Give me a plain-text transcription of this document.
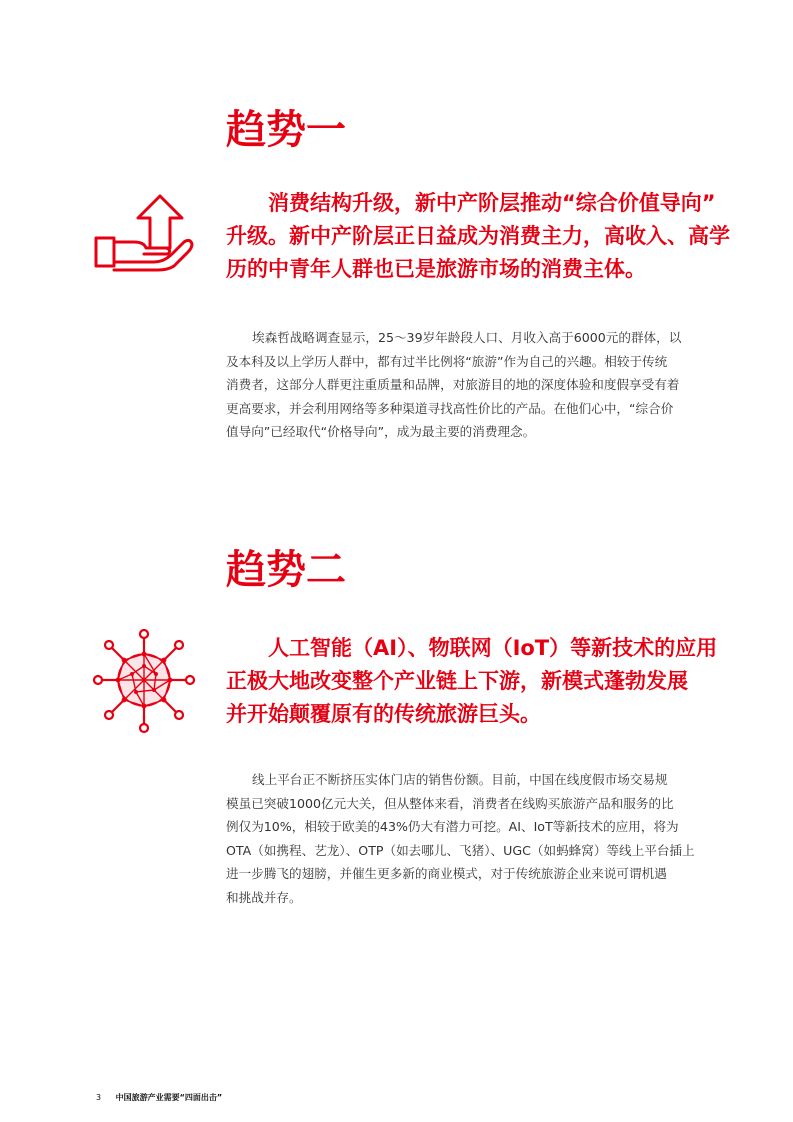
趋势一

消费结构升级，新中产阶层推动“综合价值导向”

升级。新中产阶层正日益成为消费主力，高收入、高学

历的中青年人群也已是旅游市场的消费主体。

埃森哲战略调查显示，25～39岁年龄段人口、月收入高于6000元的群体，以

及本科及以上学历人群中，都有过半比例将“旅游”作为自己的兴趣。相较于传统

消费者，这部分人群更注重质量和品牌，对旅游目的地的深度体验和度假享受有着

更高要求，并会利用网络等多种渠道寻找高性价比的产品。在他们心中，“综合价

值导向”已经取代“价格导向”，成为最主要的消费理念。

趋势二

人工智能（AI）、物联网（IoT）等新技术的应用

正极大地改变整个产业链上下游，新模式蓬勃发展

并开始颠覆原有的传统旅游巨头。

线上平台正不断挤压实体门店的销售份额。目前，中国在线度假市场交易规

模虽已突破1000亿元大关，但从整体来看，消费者在线购买旅游产品和服务的比

例仅为10%，相较于欧美的43%仍大有潜力可挖。AI、IoT等新技术的应用，将为

OTA（如携程、艺龙）、OTP（如去哪儿、飞猪）、UGC（如蚂蜂窝）等线上平台插上

进一步腾飞的翅膀，并催生更多新的商业模式，对于传统旅游企业来说可谓机遇

和挑战并存。

3 中国旅游产业需要“四面出击”
